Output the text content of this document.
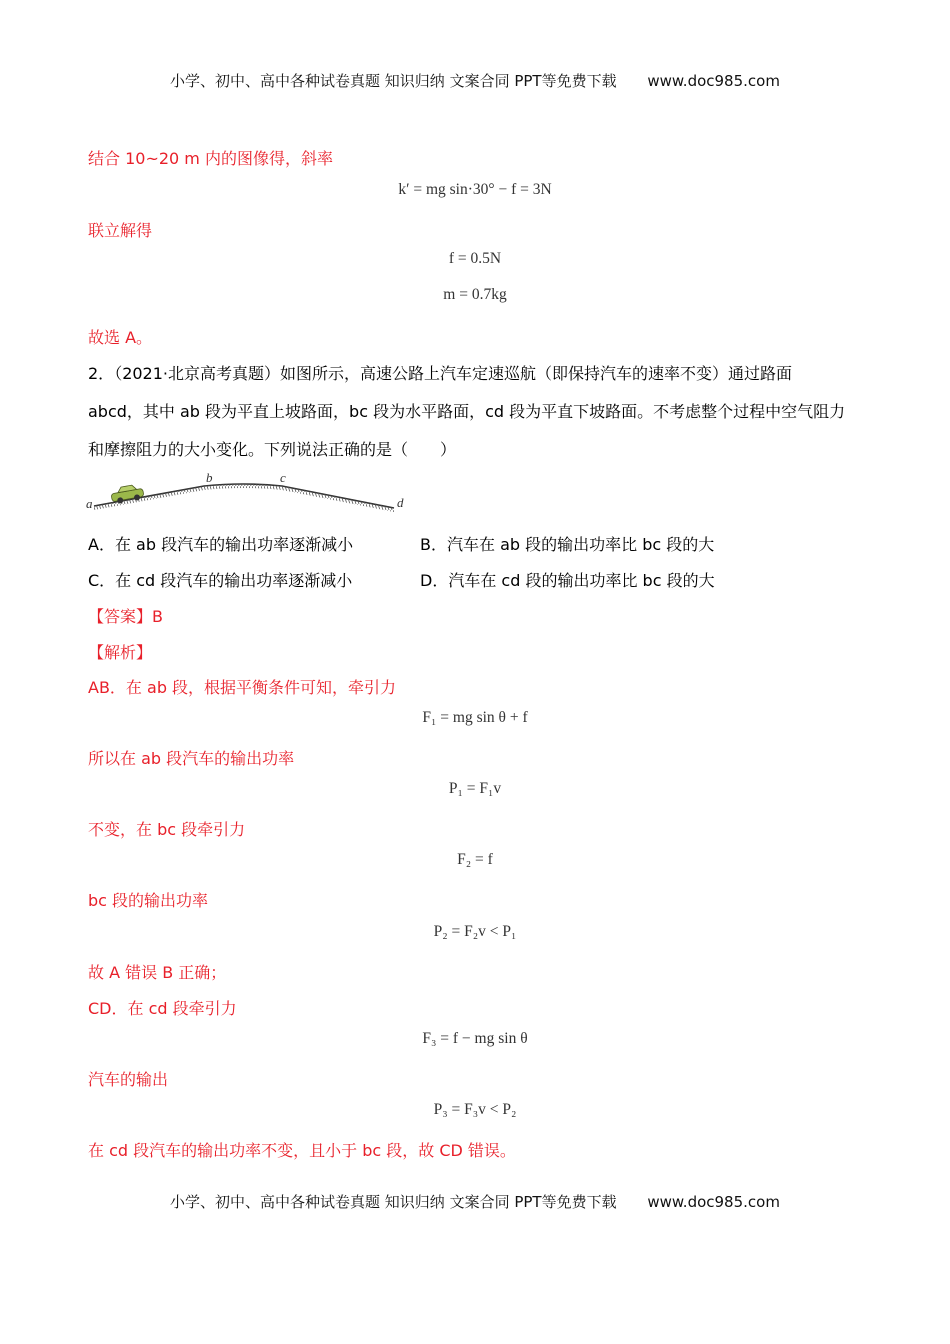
小学、初中、高中各种试卷真题 知识归纳 文案合同 PPT等免费下载 www.doc985.com
结合 10~20 m 内的图像得，斜率
k′ = mg sin·30° − f = 3N
联立解得
f = 0.5N
m = 0.7kg
故选 A。
2．（2021·北京高考真题）如图所示，高速公路上汽车定速巡航（即保持汽车的速率不变）通过路面
abcd，其中 ab 段为平直上坡路面，bc 段为水平路面，cd 段为平直下坡路面。不考虑整个过程中空气阻力
和摩擦阻力的大小变化。下列说法正确的是（　　）
a
b	c
d
A．在 ab 段汽车的输出功率逐渐减小	B．汽车在 ab 段的输出功率比 bc 段的大
C．在 cd 段汽车的输出功率逐渐减小	D．汽车在 cd 段的输出功率比 bc 段的大
【答案】B
【解析】
AB．在 ab 段，根据平衡条件可知，牵引力
F₁ = mg sin θ + f
所以在 ab 段汽车的输出功率
P₁ = F₁v
不变，在 bc 段牵引力
F₂ = f
bc 段的输出功率
P₂ = F₂v < P₁
故 A 错误 B 正确；
CD．在 cd 段牵引力
F₃ = f − mg sin θ
汽车的输出
P₃ = F₃v < P₂
在 cd 段汽车的输出功率不变，且小于 bc 段，故 CD 错误。
小学、初中、高中各种试卷真题 知识归纳 文案合同 PPT等免费下载 www.doc985.com
